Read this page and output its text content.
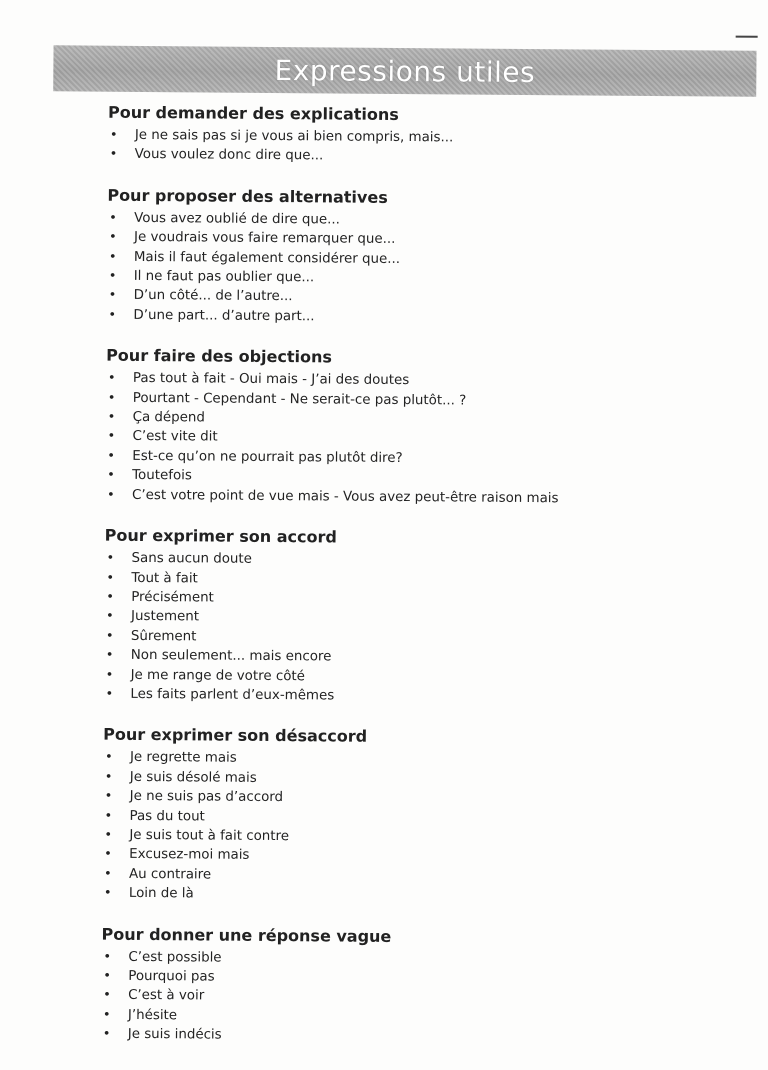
Expressions utiles
Pour demander des explications
• Je ne sais pas si je vous ai bien compris, mais...
• Vous voulez donc dire que...
Pour proposer des alternatives
• Vous avez oublié de dire que...
• Je voudrais vous faire remarquer que...
• Mais il faut également considérer que...
• Il ne faut pas oublier que...
• D’un côté... de l’autre...
• D’une part... d’autre part...
Pour faire des objections
• Pas tout à fait - Oui mais - J’ai des doutes
• Pourtant - Cependant - Ne serait-ce pas plutôt... ?
• Ça dépend
• C’est vite dit
• Est-ce qu’on ne pourrait pas plutôt dire?
• Toutefois
• C’est votre point de vue mais - Vous avez peut-être raison mais
Pour exprimer son accord
• Sans aucun doute
• Tout à fait
• Précisément
• Justement
• Sûrement
• Non seulement... mais encore
• Je me range de votre côté
• Les faits parlent d’eux-mêmes
Pour exprimer son désaccord
• Je regrette mais
• Je suis désolé mais
• Je ne suis pas d’accord
• Pas du tout
• Je suis tout à fait contre
• Excusez-moi mais
• Au contraire
• Loin de là
Pour donner une réponse vague
• C’est possible
• Pourquoi pas
• C’est à voir
• J’hésite
• Je suis indécis
